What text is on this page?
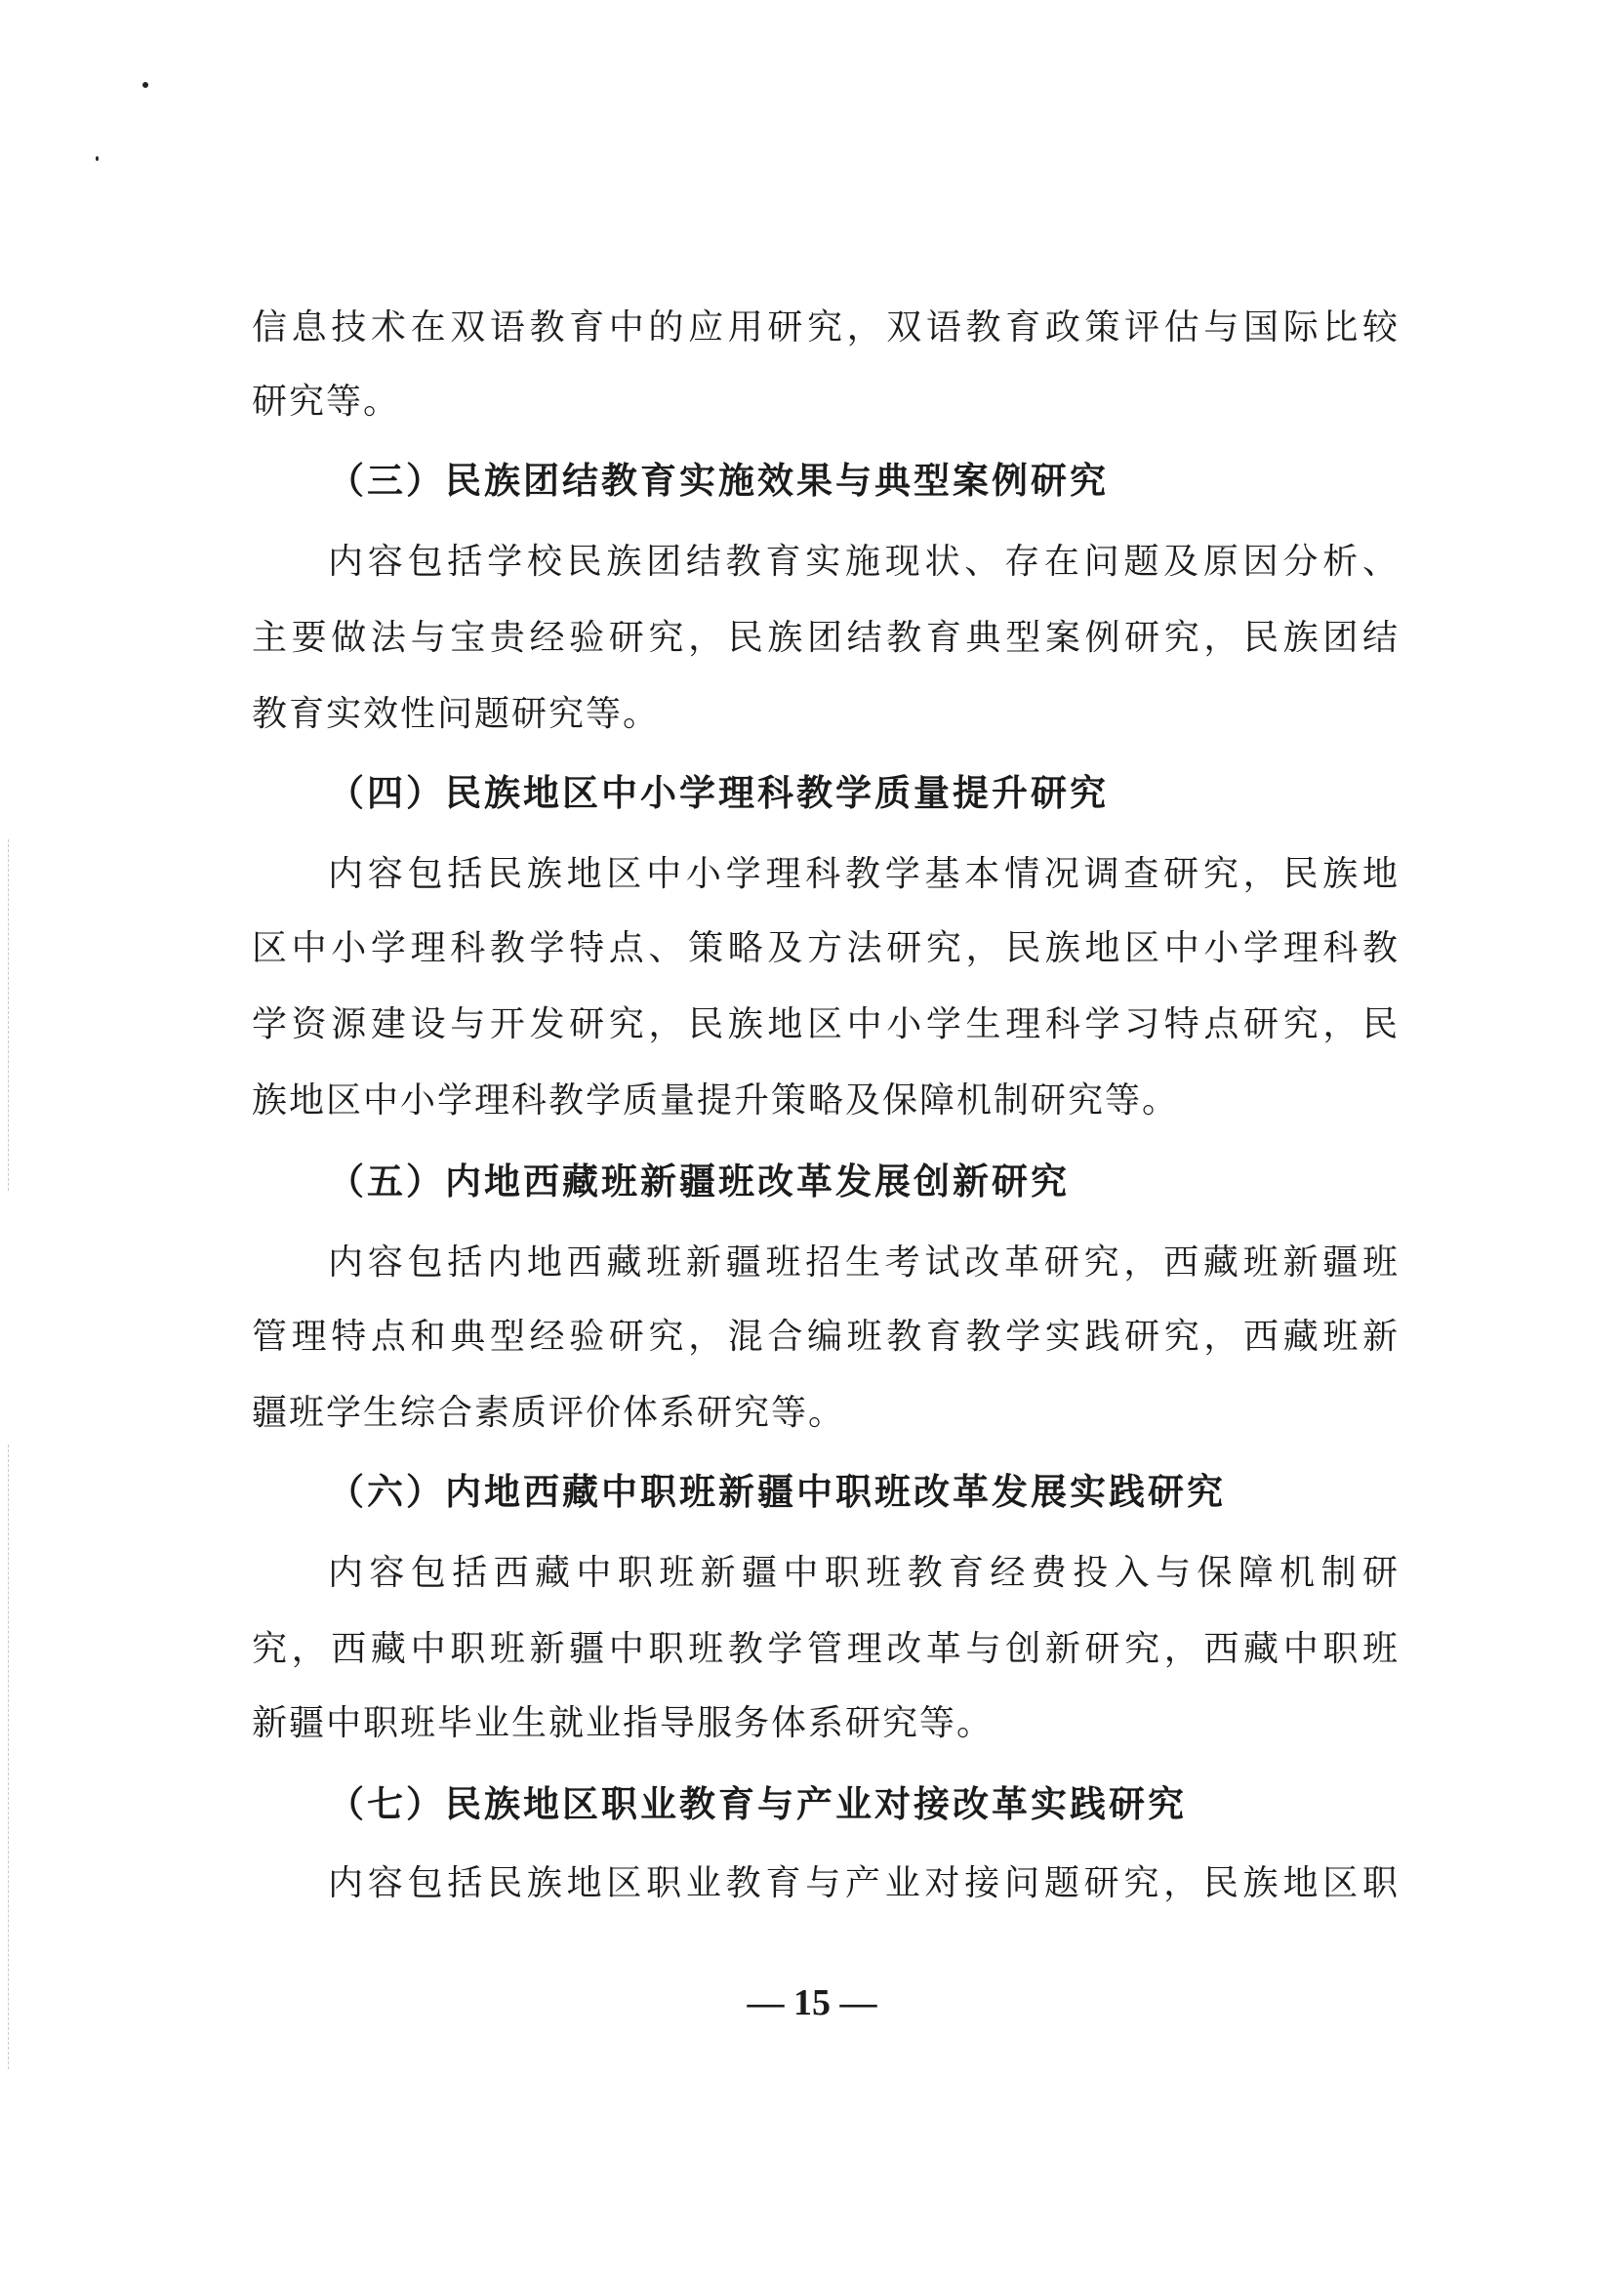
信息技术在双语教育中的应用研究，双语教育政策评估与国际比较
研究等。
（三）民族团结教育实施效果与典型案例研究
内容包括学校民族团结教育实施现状、存在问题及原因分析、
主要做法与宝贵经验研究，民族团结教育典型案例研究，民族团结
教育实效性问题研究等。
（四）民族地区中小学理科教学质量提升研究
内容包括民族地区中小学理科教学基本情况调查研究，民族地
区中小学理科教学特点、策略及方法研究，民族地区中小学理科教
学资源建设与开发研究，民族地区中小学生理科学习特点研究，民
族地区中小学理科教学质量提升策略及保障机制研究等。
（五）内地西藏班新疆班改革发展创新研究
内容包括内地西藏班新疆班招生考试改革研究，西藏班新疆班
管理特点和典型经验研究，混合编班教育教学实践研究，西藏班新
疆班学生综合素质评价体系研究等。
（六）内地西藏中职班新疆中职班改革发展实践研究
内容包括西藏中职班新疆中职班教育经费投入与保障机制研
究，西藏中职班新疆中职班教学管理改革与创新研究，西藏中职班
新疆中职班毕业生就业指导服务体系研究等。
（七）民族地区职业教育与产业对接改革实践研究
内容包括民族地区职业教育与产业对接问题研究，民族地区职
— 15 —
